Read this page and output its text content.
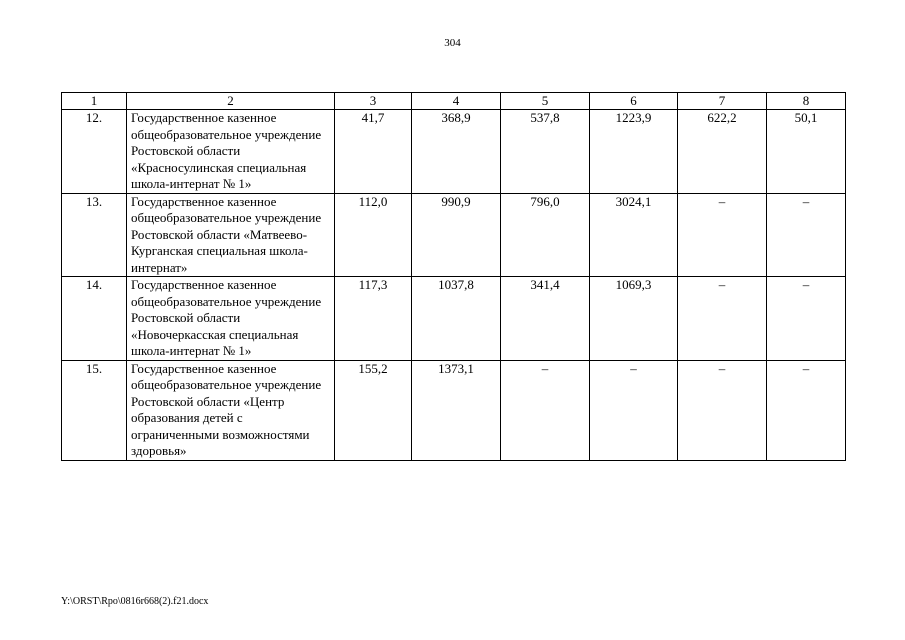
304
1	2	3	4	5	6	7	8
12.	Государственное казенное общеобразовательное учреждение Ростовской области «Красносулинская специальная школа-интернат № 1»	41,7	368,9	537,8	1223,9	622,2	50,1
13.	Государственное казенное общеобразовательное учреждение Ростовской области «Матвеево-Курганская специальная школа-интернат»	112,0	990,9	796,0	3024,1	–	–
14.	Государственное казенное общеобразовательное учреждение Ростовской области «Новочеркасская специальная школа-интернат № 1»	117,3	1037,8	341,4	1069,3	–	–
15.	Государственное казенное общеобразовательное учреждение Ростовской области «Центр образования детей с ограниченными возможностями здоровья»	155,2	1373,1	–	–	–	–
Y:\ORST\Rpo\0816r668(2).f21.docx
